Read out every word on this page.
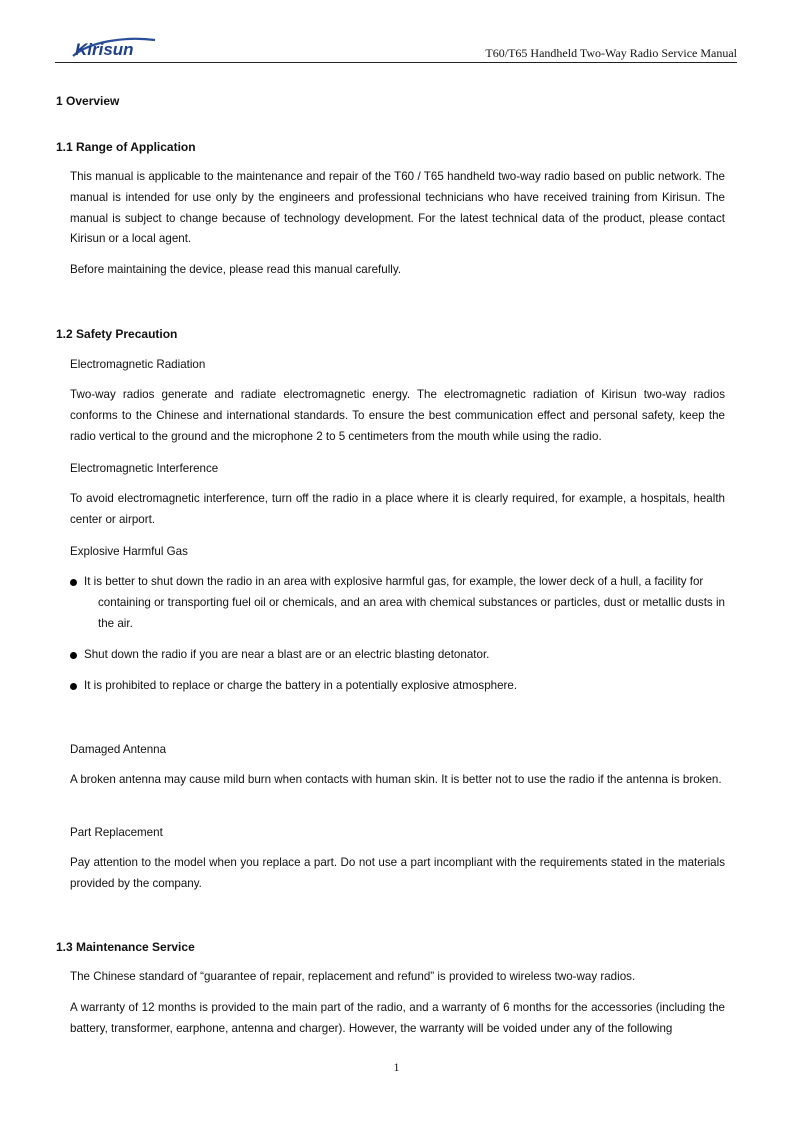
Kirisun	T60/T65 Handheld Two-Way Radio Service Manual
1 Overview
1.1 Range of Application

This manual is applicable to the maintenance and repair of the T60 / T65 handheld two-way radio based on public network. The manual is intended for use only by the engineers and professional technicians who have received training from Kirisun. The manual is subject to change because of technology development. For the latest technical data of the product, please contact Kirisun or a local agent.

Before maintaining the device, please read this manual carefully.

1.2 Safety Precaution

Electromagnetic Radiation

Two-way radios generate and radiate electromagnetic energy. The electromagnetic radiation of Kirisun two-way radios conforms to the Chinese and international standards. To ensure the best communication effect and personal safety, keep the radio vertical to the ground and the microphone 2 to 5 centimeters from the mouth while using the radio.

Electromagnetic Interference

To avoid electromagnetic interference, turn off the radio in a place where it is clearly required, for example, a hospitals, health center or airport.

Explosive Harmful Gas

It is better to shut down the radio in an area with explosive harmful gas, for example, the lower deck of a hull, a facility for
containing or transporting fuel oil or chemicals, and an area with chemical substances or particles, dust or metallic dusts in the air.
Shut down the radio if you are near a blast are or an electric blasting detonator.
It is prohibited to replace or charge the battery in a potentially explosive atmosphere.

Damaged Antenna

A broken antenna may cause mild burn when contacts with human skin. It is better not to use the radio if the antenna is broken.

Part Replacement

Pay attention to the model when you replace a part. Do not use a part incompliant with the requirements stated in the materials provided by the company.

1.3 Maintenance Service

The Chinese standard of “guarantee of repair, replacement and refund” is provided to wireless two-way radios.

A warranty of 12 months is provided to the main part of the radio, and a warranty of 6 months for the accessories (including the battery, transformer, earphone, antenna and charger). However, the warranty will be voided under any of the following

1
